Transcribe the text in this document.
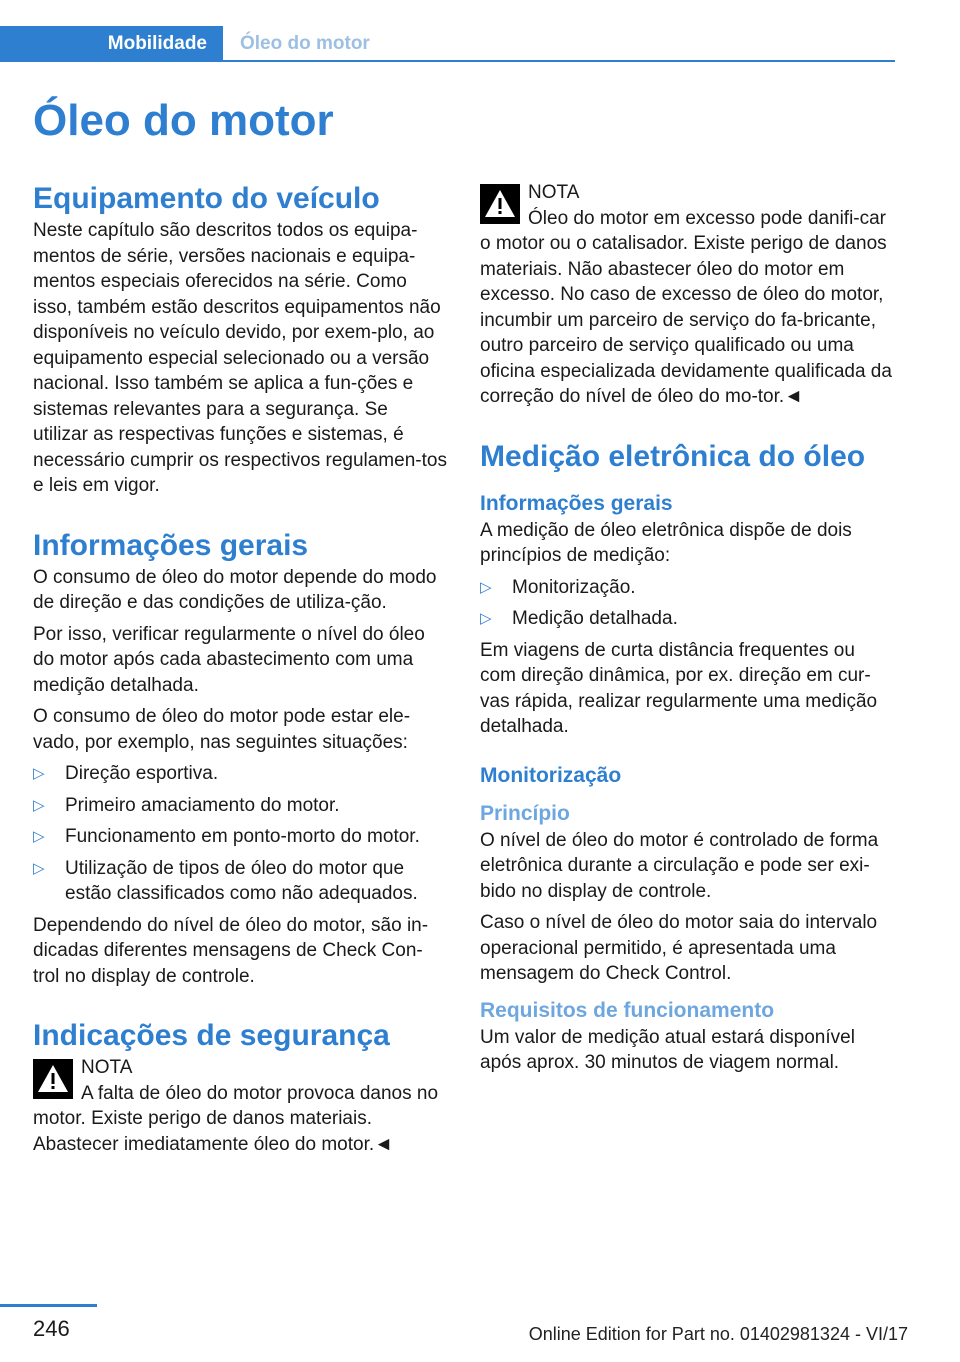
Mobilidade Óleo do motor
Óleo do motor
Equipamento do veículo

Neste capítulo são descritos todos os equipa-mentos de série, versões nacionais e equipa-mentos especiais oferecidos na série. Como isso, também estão descritos equipamentos não disponíveis no veículo devido, por exem-plo, ao equipamento especial selecionado ou a versão nacional. Isso também se aplica a fun-ções e sistemas relevantes para a segurança. Se utilizar as respectivas funções e sistemas, é necessário cumprir os respectivos regulamen-tos e leis em vigor.

Informações gerais

O consumo de óleo do motor depende do modo de direção e das condições de utiliza-ção.

Por isso, verificar regularmente o nível do óleo do motor após cada abastecimento com uma medição detalhada.

O consumo de óleo do motor pode estar ele-vado, por exemplo, nas seguintes situações:

▷ Direção esportiva.
▷ Primeiro amaciamento do motor.
▷ Funcionamento em ponto-morto do motor.
▷ Utilização de tipos de óleo do motor que estão classificados como não adequados.

Dependendo do nível de óleo do motor, são in-dicadas diferentes mensagens de Check Con-trol no display de controle.

Indicações de segurança
NOTA
A falta de óleo do motor provoca danos no motor. Existe perigo de danos materiais. Abastecer imediatamente óleo do motor.◄
NOTA
Óleo do motor em excesso pode danifi-car o motor ou o catalisador. Existe perigo de danos materiais. Não abastecer óleo do motor em excesso. No caso de excesso de óleo do motor, incumbir um parceiro de serviço do fa-bricante, outro parceiro de serviço qualificado ou uma oficina especializada devidamente qualificada da correção do nível de óleo do mo-tor.◄
Medição eletrônica do óleo
Informações gerais

A medição de óleo eletrônica dispõe de dois princípios de medição:

▷ Monitorização.
▷ Medição detalhada.

Em viagens de curta distância frequentes ou com direção dinâmica, por ex. direção em cur-vas rápida, realizar regularmente uma medição detalhada.

Monitorização
Princípio

O nível de óleo do motor é controlado de forma eletrônica durante a circulação e pode ser exi-bido no display de controle.

Caso o nível de óleo do motor saia do intervalo operacional permitido, é apresentada uma mensagem do Check Control.

Requisitos de funcionamento

Um valor de medição atual estará disponível após aprox. 30 minutos de viagem normal.

246	Online Edition for Part no. 01402981324 - VI/17
